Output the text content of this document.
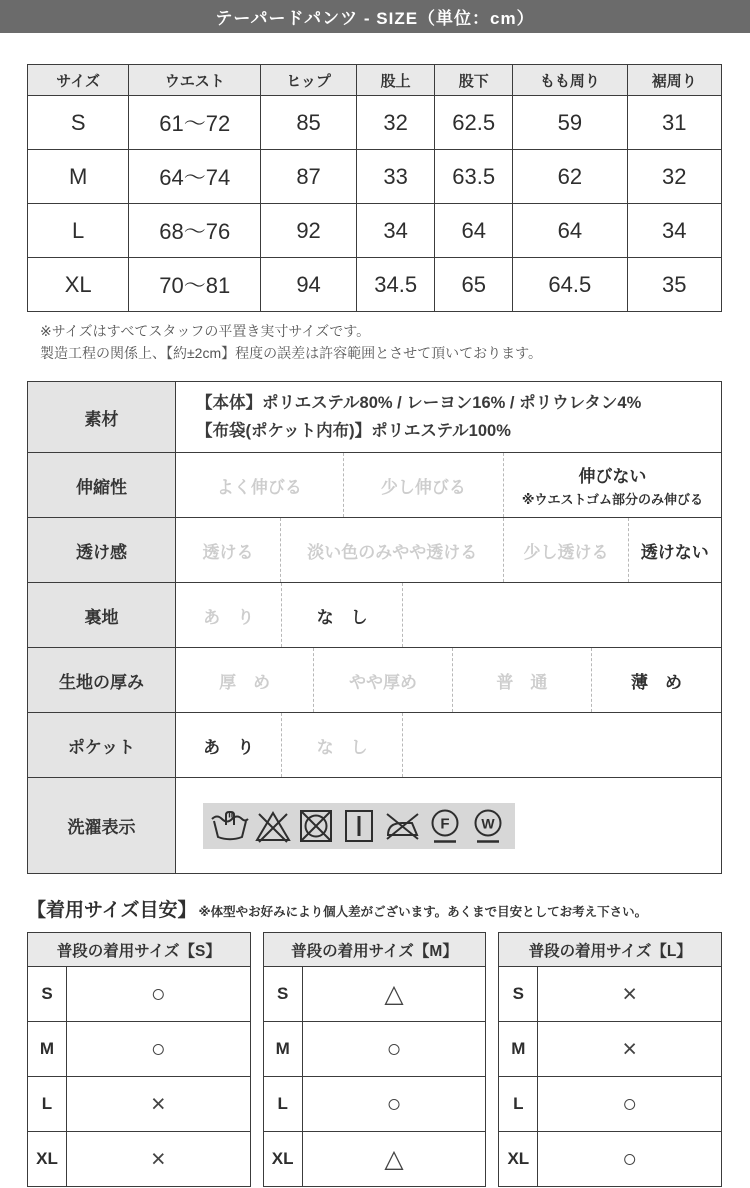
テーパードパンツ - SIZE（単位：cm）
サイズ	ウエスト	ヒップ	股上	股下	もも周り	裾周り
S	61〜72	85	32	62.5	59	31
M	64〜74	87	33	63.5	62	32
L	68〜76	92	34	64	64	34
XL	70〜81	94	34.5	65	64.5	35
※サイズはすべてスタッフの平置き実寸サイズです。
製造工程の関係上、【約±2cm】程度の誤差は許容範囲とさせて頂いております。
素材	【本体】ポリエステル80% / レーヨン16% / ポリウレタン4%
【布袋(ポケット内布)】ポリエステル100%

伸縮性	よく伸びる 少し伸びる
伸びない
※ウエストゴム部分のみ伸びる

透け感	透ける 淡い色のみやや透ける 少し透ける 透けない

裏地	あ　り な　し

生地の厚み	厚　め やや厚め 普　通 薄　め

ポケット	あ　り な　し

洗濯表示	F W
【着用サイズ目安】 ※体型やお好みにより個人差がございます。あくまで目安としてお考え下さい。
普段の着用サイズ【S】	
S	○
M	○
L	×
XL	×
普段の着用サイズ【M】	
S	△
M	○
L	○
XL	△
普段の着用サイズ【L】	
S	×
M	×
L	○
XL	○
